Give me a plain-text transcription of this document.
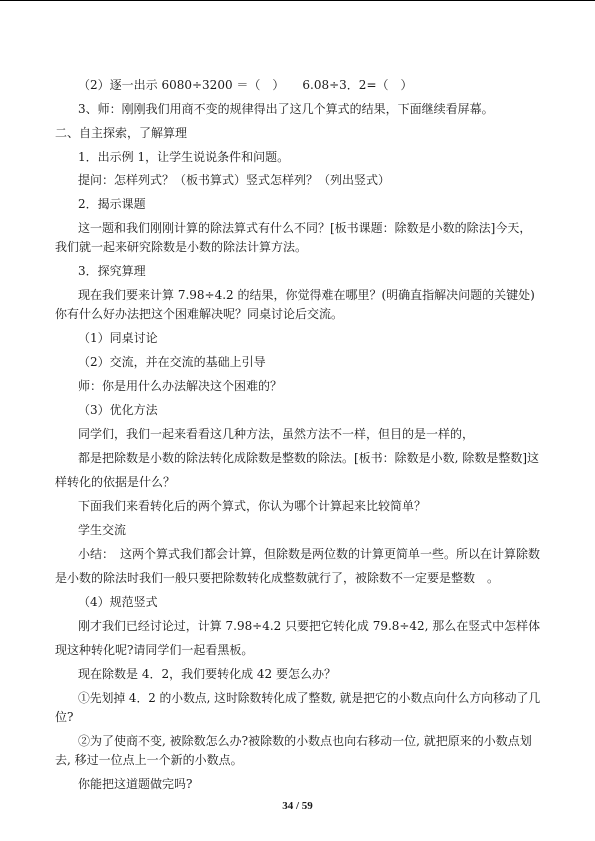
（2）逐一出示 6080÷3200 ＝（　）　　6.08÷3．2=（　）
3、师：刚刚我们用商不变的规律得出了这几个算式的结果，下面继续看屏幕。
二、自主探索，了解算理
1．出示例 1，让学生说说条件和问题。
提问：怎样列式？（板书算式）竖式怎样列？（列出竖式）
2．揭示课题
这一题和我们刚刚计算的除法算式有什么不同？[板书课题：除数是小数的除法]今天，
我们就一起来研究除数是小数的除法计算方法。
3．探究算理
现在我们要来计算 7.98÷4.2 的结果，你觉得难在哪里？(明确直指解决问题的关键处)
你有什么好办法把这个困难解决呢？同桌讨论后交流。
（1）同桌讨论
（2）交流，并在交流的基础上引导
师：你是用什么办法解决这个困难的？
（3）优化方法
同学们，我们一起来看看这几种方法，虽然方法不一样，但目的是一样的，
都是把除数是小数的除法转化成除数是整数的除法。[板书：除数是小数, 除数是整数]这
样转化的依据是什么？
下面我们来看转化后的两个算式，你认为哪个计算起来比较简单？
学生交流
小结：　这两个算式我们都会计算，但除数是两位数的计算更简单一些。所以在计算除数
是小数的除法时我们一般只要把除数转化成整数就行了，被除数不一定要是整数　。
（4）规范竖式
刚才我们已经讨论过，计算 7.98÷4.2 只要把它转化成 79.8÷42, 那么在竖式中怎样体
现这种转化呢?请同学们一起看黑板。
现在除数是 4．2，我们要转化成 42 要怎么办？
①先划掉 4．2 的小数点, 这时除数转化成了整数, 就是把它的小数点向什么方向移动了几
位?
②为了使商不变, 被除数怎么办?被除数的小数点也向右移动一位, 就把原来的小数点划
去, 移过一位点上一个新的小数点。
你能把这道题做完吗?
34 / 59
